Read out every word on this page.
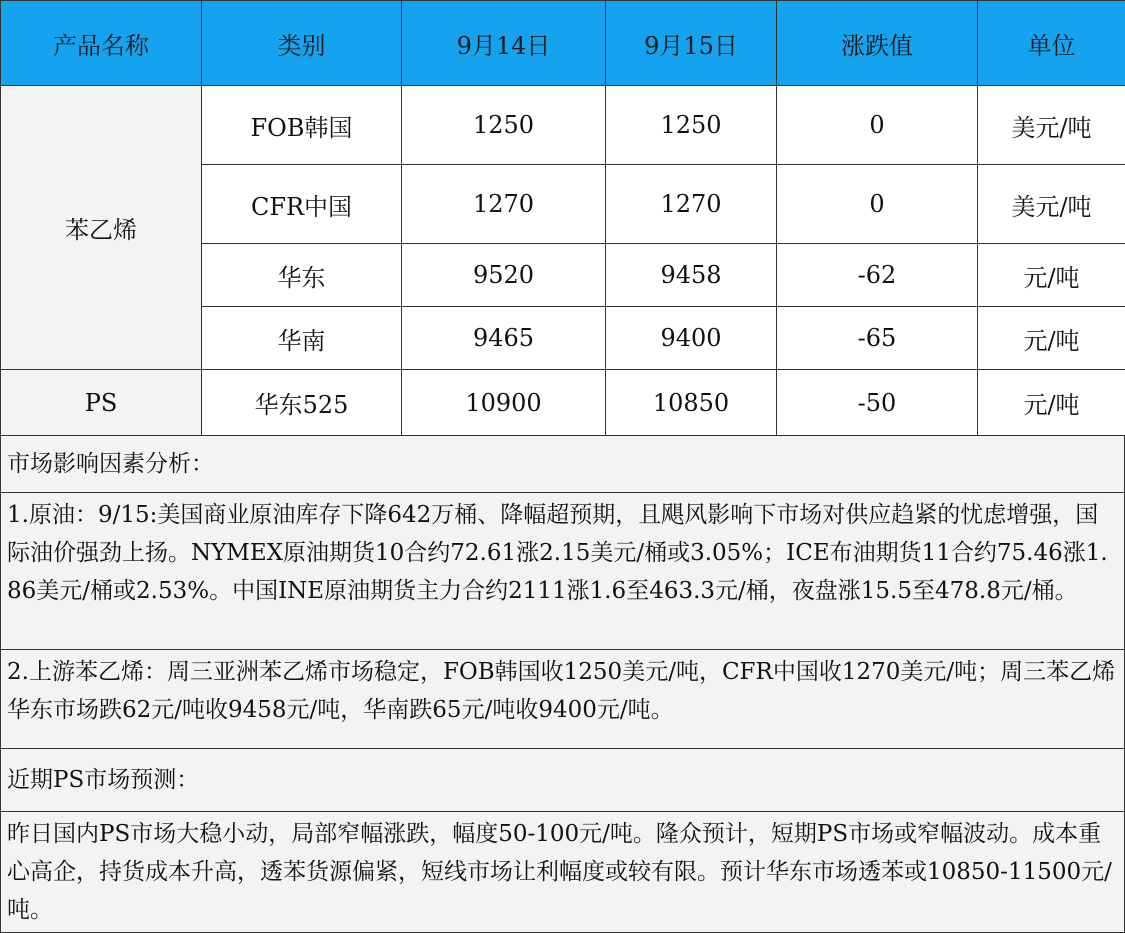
产品名称	类别	9月14日	9月15日	涨跌值	单位
苯乙烯	FOB韩国	1250	1250	0	美元/吨
	CFR中国	1270	1270	0	美元/吨
	华东	9520	9458	-62	元/吨
	华南	9465	9400	-65	元/吨
PS	华东525	10900	10850	-50	元/吨
市场影响因素分析：
1.原油：9/15:美国商业原油库存下降642万桶、降幅超预期，且飓风影响下市场对供应趋紧的忧虑增强，国际油价强劲上扬。NYMEX原油期货10合约72.61涨2.15美元/桶或3.05%；ICE布油期货11合约75.46涨1.86美元/桶或2.53%。中国INE原油期货主力合约2111涨1.6至463.3元/桶，夜盘涨15.5至478.8元/桶。
2.上游苯乙烯：周三亚洲苯乙烯市场稳定，FOB韩国收1250美元/吨，CFR中国收1270美元/吨；周三苯乙烯华东市场跌62元/吨收9458元/吨，华南跌65元/吨收9400元/吨。
近期PS市场预测：
昨日国内PS市场大稳小动，局部窄幅涨跌，幅度50-100元/吨。隆众预计，短期PS市场或窄幅波动。成本重心高企，持货成本升高，透苯货源偏紧，短线市场让利幅度或较有限。预计华东市场透苯或10850-11500元/吨。
